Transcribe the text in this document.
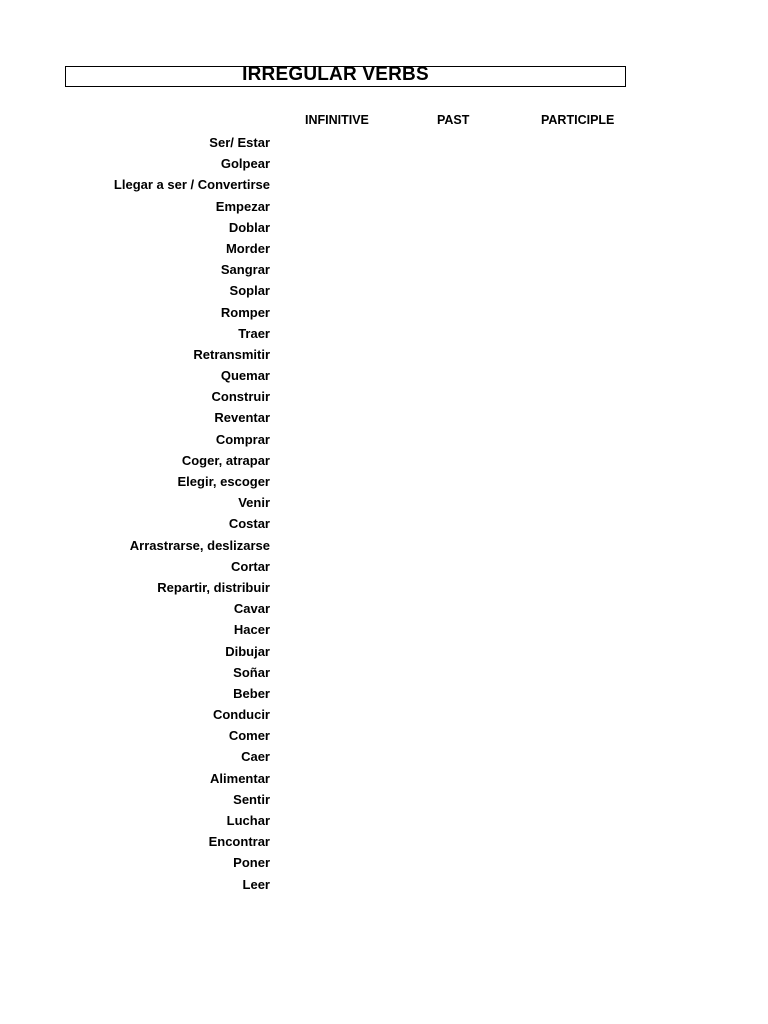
IRREGULAR VERBS
INFINITIVE	PAST	PARTICIPLE
Ser/ Estar
Golpear
Llegar a ser / Convertirse
Empezar
Doblar
Morder
Sangrar
Soplar
Romper
Traer
Retransmitir
Quemar
Construir
Reventar
Comprar
Coger, atrapar
Elegir, escoger
Venir
Costar
Arrastrarse, deslizarse
Cortar
Repartir, distribuir
Cavar
Hacer
Dibujar
Soñar
Beber
Conducir
Comer
Caer
Alimentar
Sentir
Luchar
Encontrar
Poner
Leer
